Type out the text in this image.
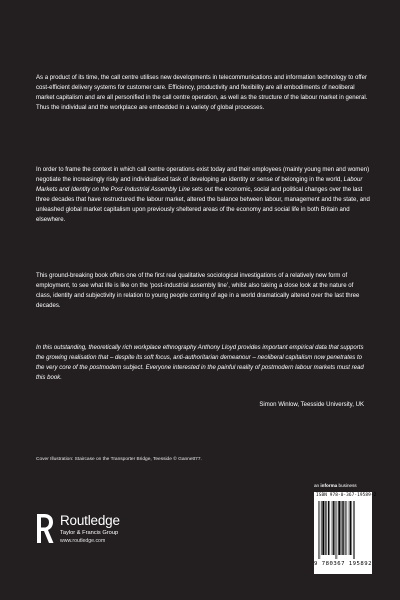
As a product of its time, the call centre utilises new developments in telecommunications and information technology to offer cost-efficient delivery systems for customer care. Efficiency, productivity and flexibility are all embodiments of neoliberal market capitalism and are all personified in the call centre operation, as well as the structure of the labour market in general. Thus the individual and the workplace are embedded in a variety of global processes.
In order to frame the context in which call centre operations exist today and their employees (mainly young men and women) negotiate the increasingly risky and individualised task of developing an identity or sense of belonging in the world, Labour Markets and Identity on the Post-Industrial Assembly Line sets out the economic, social and political changes over the last three decades that have restructured the labour market, altered the balance between labour, management and the state, and unleashed global market capitalism upon previously sheltered areas of the economy and social life in both Britain and elsewhere.
This ground-breaking book offers one of the first real qualitative sociological investigations of a relatively new form of employment, to see what life is like on the ‘post-industrial assembly line’, whilst also taking a close look at the nature of class, identity and subjectivity in relation to young people coming of age in a world dramatically altered over the last three decades.
In this outstanding, theoretically rich workplace ethnography Anthony Lloyd provides important empirical data that supports the growing realisation that – despite its soft focus, anti-authoritarian demeanour – neoliberal capitalism now penetrates to the very core of the postmodern subject. Everyone interested in the painful reality of postmodern labour markets must read this book.
Simon Winlow, Teesside University, UK
Cover Illustration: Staircase on the Transporter Bridge, Teesside © Gannett77.
Routledge
Taylor & Francis Group
www.routledge.com
an informa business
ISBN 978-0-367-19589-2
9 780367 195892
